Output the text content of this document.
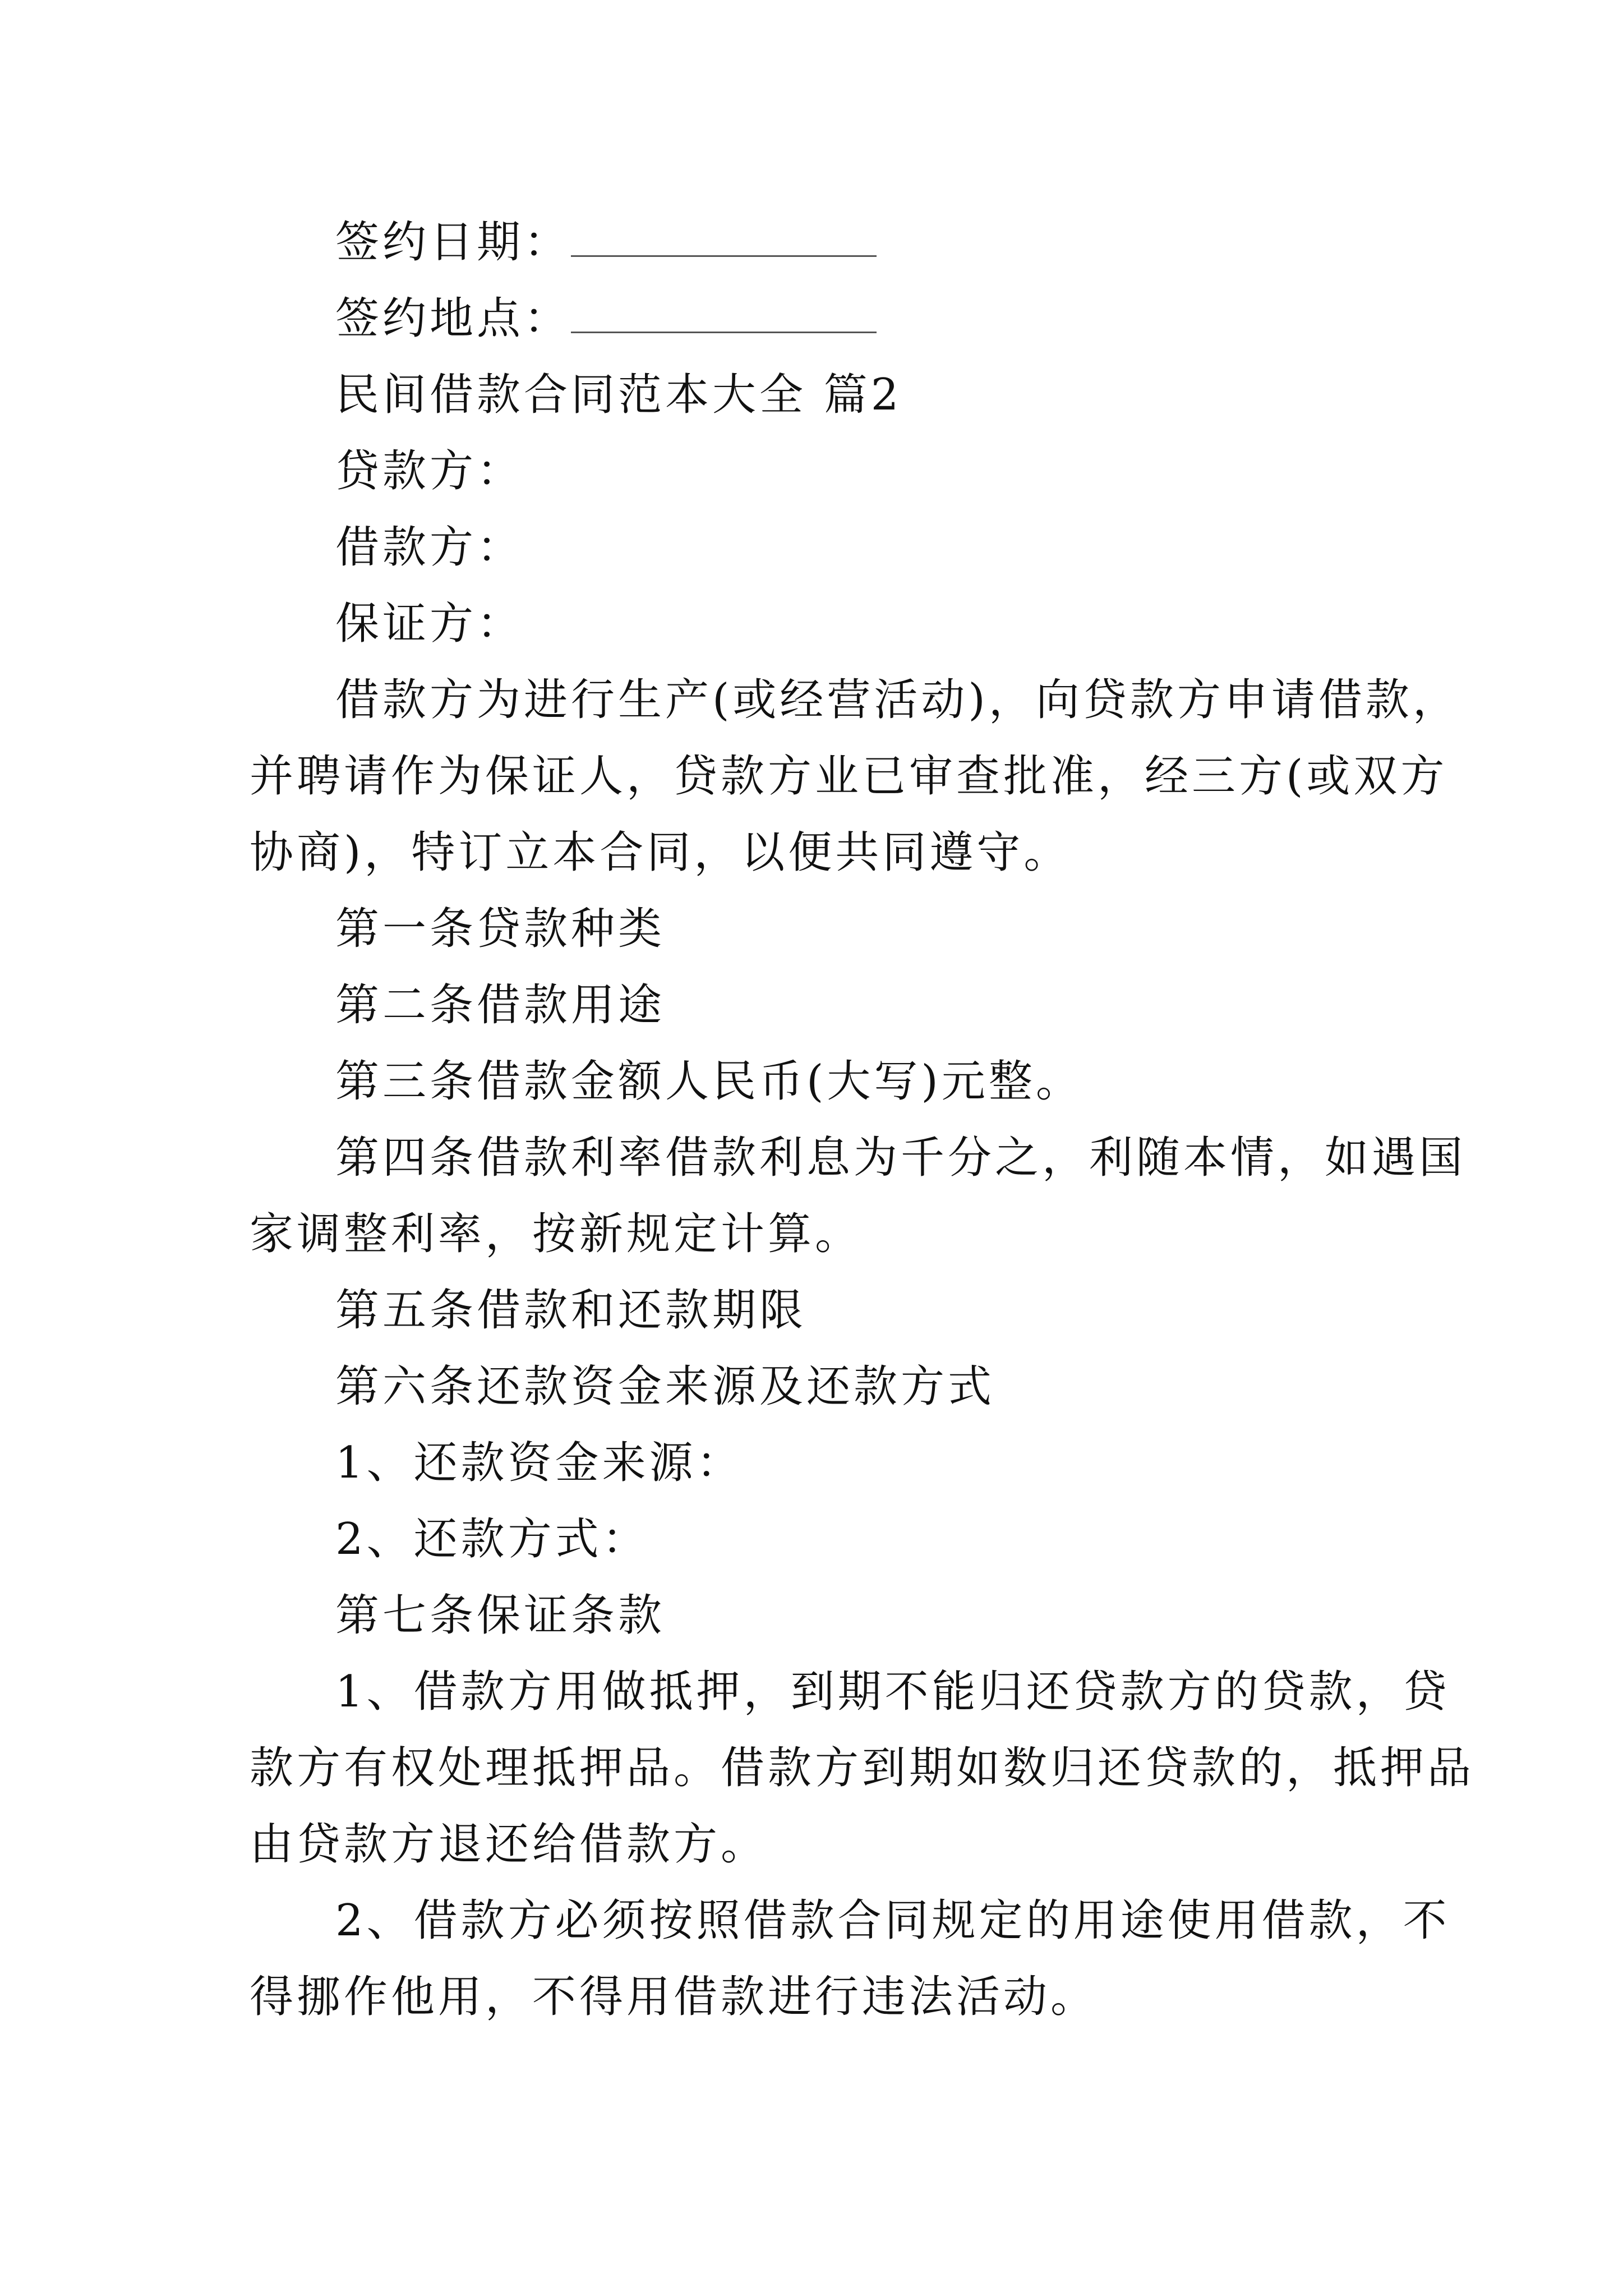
签约日期：
签约地点：
民间借款合同范本大全 篇2
贷款方：
借款方：
保证方：
借款方为进行生产(或经营活动)，向贷款方申请借款，
并聘请作为保证人，贷款方业已审查批准，经三方(或双方
协商)，特订立本合同，以便共同遵守。
第一条贷款种类
第二条借款用途
第三条借款金额人民币(大写)元整。
第四条借款利率借款利息为千分之，利随本情，如遇国
家调整利率，按新规定计算。
第五条借款和还款期限
第六条还款资金来源及还款方式
1、还款资金来源：
2、还款方式：
第七条保证条款
1、借款方用做抵押，到期不能归还贷款方的贷款，贷
款方有权处理抵押品。借款方到期如数归还贷款的，抵押品
由贷款方退还给借款方。
2、借款方必须按照借款合同规定的用途使用借款，不
得挪作他用，不得用借款进行违法活动。
